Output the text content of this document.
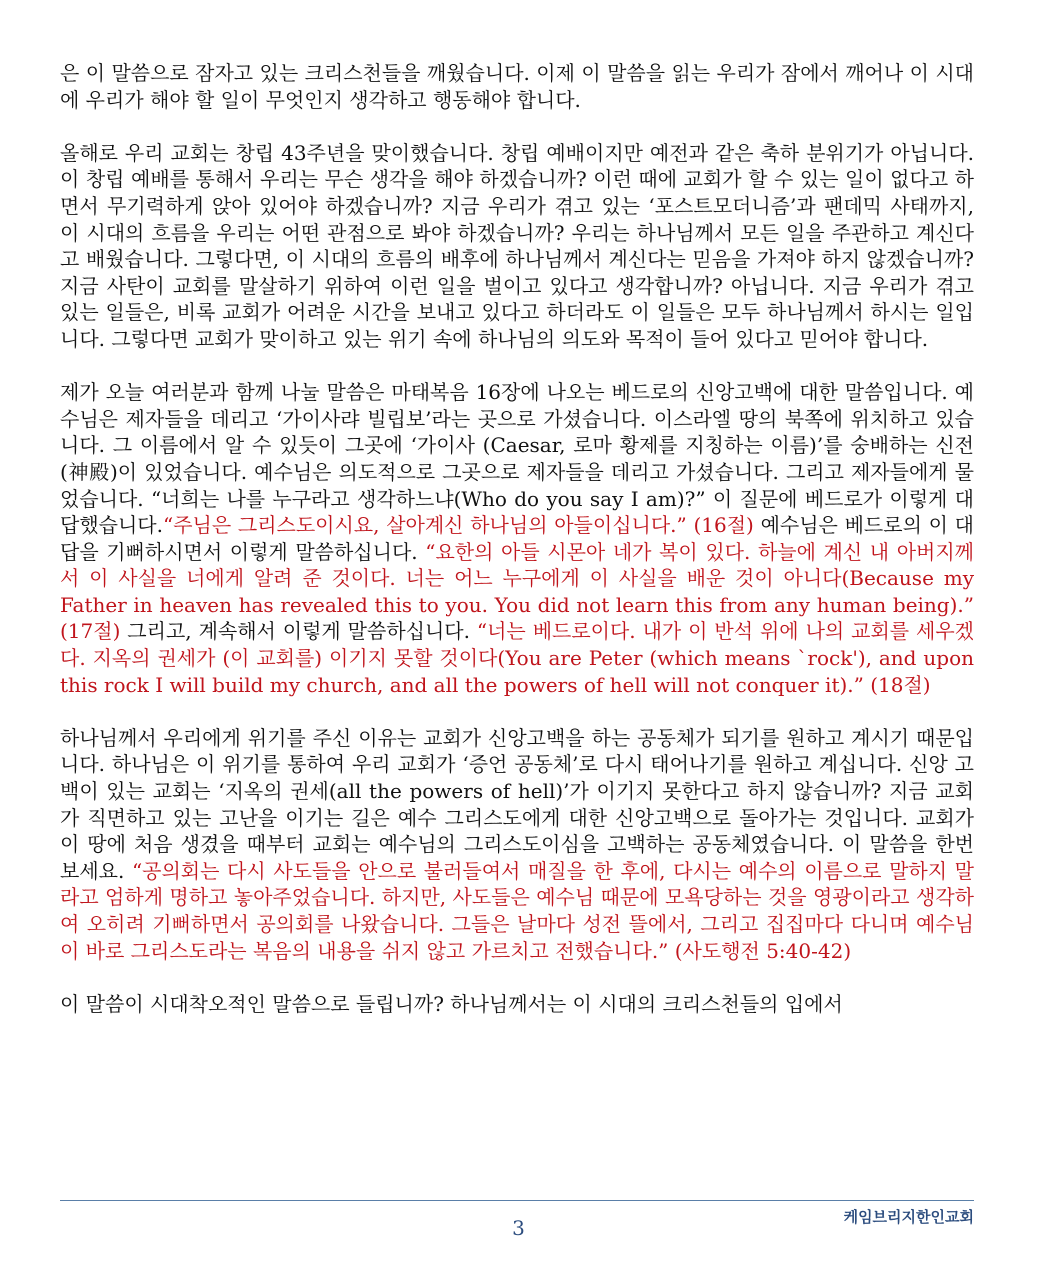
은 이 말씀으로 잠자고 있는 크리스천들을 깨웠습니다. 이제 이 말씀을 읽는 우리가 잠에서 깨어나 이 시대에 우리가 해야 할 일이 무엇인지 생각하고 행동해야 합니다.

올해로 우리 교회는 창립 43주년을 맞이했습니다. 창립 예배이지만 예전과 같은 축하 분위기가 아닙니다. 이 창립 예배를 통해서 우리는 무슨 생각을 해야 하겠습니까? 이런 때에 교회가 할 수 있는 일이 없다고 하면서 무기력하게 앉아 있어야 하겠습니까? 지금 우리가 겪고 있는 ‘포스트모더니즘’과 팬데믹 사태까지, 이 시대의 흐름을 우리는 어떤 관점으로 봐야 하겠습니까? 우리는 하나님께서 모든 일을 주관하고 계신다고 배웠습니다. 그렇다면, 이 시대의 흐름의 배후에 하나님께서 계신다는 믿음을 가져야 하지 않겠습니까? 지금 사탄이 교회를 말살하기 위하여 이런 일을 벌이고 있다고 생각합니까? 아닙니다. 지금 우리가 겪고 있는 일들은, 비록 교회가 어려운 시간을 보내고 있다고 하더라도 이 일들은 모두 하나님께서 하시는 일입니다. 그렇다면 교회가 맞이하고 있는 위기 속에 하나님의 의도와 목적이 들어 있다고 믿어야 합니다.

제가 오늘 여러분과 함께 나눌 말씀은 마태복음 16장에 나오는 베드로의 신앙고백에 대한 말씀입니다. 예수님은 제자들을 데리고 ‘가이사랴 빌립보’라는 곳으로 가셨습니다. 이스라엘 땅의 북쪽에 위치하고 있습니다. 그 이름에서 알 수 있듯이 그곳에 ‘가이사 (Caesar, 로마 황제를 지칭하는 이름)’를 숭배하는 신전(神殿)이 있었습니다. 예수님은 의도적으로 그곳으로 제자들을 데리고 가셨습니다. 그리고 제자들에게 물었습니다. “너희는 나를 누구라고 생각하느냐(Who do you say I am)?” 이 질문에 베드로가 이렇게 대답했습니다.“주님은 그리스도이시요, 살아계신 하나님의 아들이십니다.” (16절) 예수님은 베드로의 이 대답을 기뻐하시면서 이렇게 말씀하십니다. “요한의 아들 시몬아 네가 복이 있다. 하늘에 계신 내 아버지께서 이 사실을 너에게 알려 준 것이다. 너는 어느 누구에게 이 사실을 배운 것이 아니다(Because my Father in heaven has revealed this to you. You did not learn this from any human being).” (17절) 그리고, 계속해서 이렇게 말씀하십니다. “너는 베드로이다. 내가 이 반석 위에 나의 교회를 세우겠다. 지옥의 권세가 (이 교회를) 이기지 못할 것이다(You are Peter (which means `rock'), and upon this rock I will build my church, and all the powers of hell will not conquer it).” (18절)

하나님께서 우리에게 위기를 주신 이유는 교회가 신앙고백을 하는 공동체가 되기를 원하고 계시기 때문입니다. 하나님은 이 위기를 통하여 우리 교회가 ‘증언 공동체’로 다시 태어나기를 원하고 계십니다. 신앙 고백이 있는 교회는 ‘지옥의 권세(all the powers of hell)’가 이기지 못한다고 하지 않습니까? 지금 교회가 직면하고 있는 고난을 이기는 길은 예수 그리스도에게 대한 신앙고백으로 돌아가는 것입니다. 교회가 이 땅에 처음 생겼을 때부터 교회는 예수님의 그리스도이심을 고백하는 공동체였습니다. 이 말씀을 한번 보세요. “공의회는 다시 사도들을 안으로 불러들여서 매질을 한 후에, 다시는 예수의 이름으로 말하지 말라고 엄하게 명하고 놓아주었습니다. 하지만, 사도들은 예수님 때문에 모욕당하는 것을 영광이라고 생각하여 오히려 기뻐하면서 공의회를 나왔습니다. 그들은 날마다 성전 뜰에서, 그리고 집집마다 다니며 예수님이 바로 그리스도라는 복음의 내용을 쉬지 않고 가르치고 전했습니다.” (사도행전 5:40-42)

이 말씀이 시대착오적인 말씀으로 들립니까? 하나님께서는 이 시대의 크리스천들의 입에서

3	케임브리지한인교회
